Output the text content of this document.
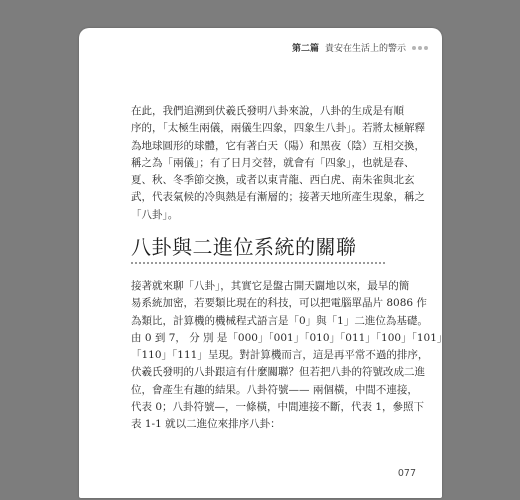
第二篇 貴安在生活上的警示
在此，我們追溯到伏羲氏發明八卦來說，八卦的生成是有順
序的，「太極生兩儀，兩儀生四象，四象生八卦」。若將太極解釋
為地球圓形的球體，它有著白天（陽）和黑夜（陰）互相交換，
稱之為「兩儀」；有了日月交替，就會有「四象」，也就是春、
夏、秋、冬季節交換，或者以東青龍、西白虎、南朱雀與北玄
武，代表氣候的冷與熱是有漸層的；接著天地所產生現象，稱之
「八卦」。
八卦與二進位系統的關聯
接著就來聊「八卦」，其實它是盤古開天闢地以來，最早的簡
易系統加密，若要類比現在的科技，可以把電腦單晶片 8086 作
為類比，計算機的機械程式語言是「0」與「1」二進位為基礎。
由 0 到 7， 分 別 是「000」「001」「010」「011」「100」「101」
「110」「111」呈現。對計算機而言，這是再平常不過的排序，
伏羲氏發明的八卦跟這有什麼關聯？但若把八卦的符號改成二進
位，會產生有趣的結果。八卦符號—— 兩個橫，中間不連接，
代表 0；八卦符號—，一條橫，中間連接不斷，代表 1，參照下
表 1-1 就以二進位來排序八卦：
077
